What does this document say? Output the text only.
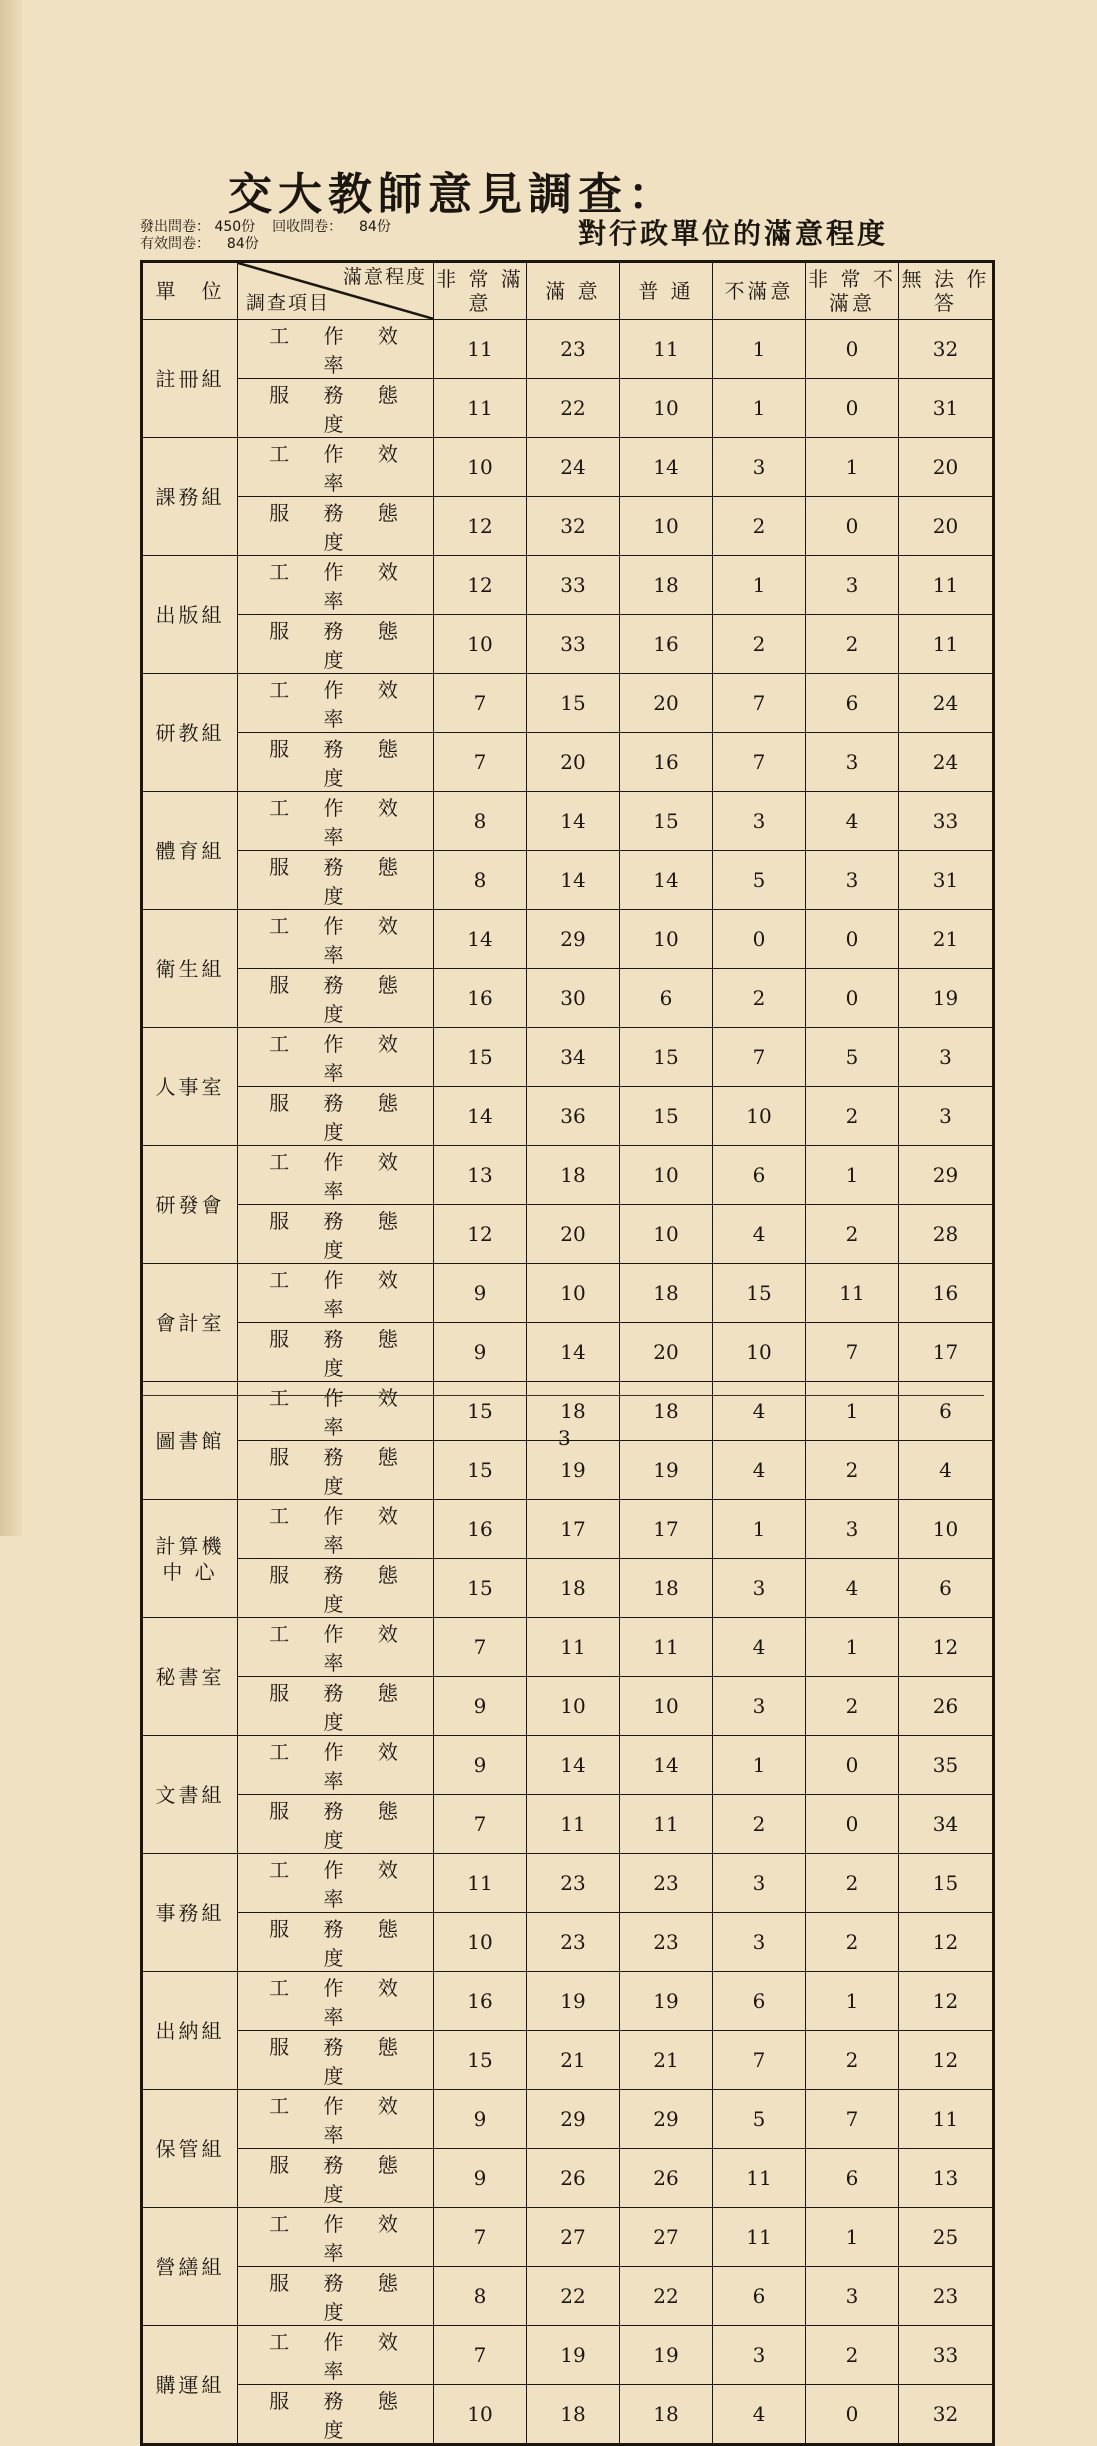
交大教師意見調查：
發出問卷： 450份 回收問卷： 84份
有效問卷： 84份	對行政單位的滿意程度
單　位	滿意程度
調查項目	非 常 滿 意	滿 意	普 通	不滿意	非 常 不滿意	無 法 作 答
註冊組	工 作 效 率	11	23	11	1	0	32
	服 務 態 度	11	22	10	1	0	31
課務組	工 作 效 率	10	24	14	3	1	20
	服 務 態 度	12	32	10	2	0	20
出版組	工 作 效 率	12	33	18	1	3	11
	服 務 態 度	10	33	16	2	2	11
研教組	工 作 效 率	7	15	20	7	6	24
	服 務 態 度	7	20	16	7	3	24
體育組	工 作 效 率	8	14	15	3	4	33
	服 務 態 度	8	14	14	5	3	31
衛生組	工 作 效 率	14	29	10	0	0	21
	服 務 態 度	16	30	6	2	0	19
人事室	工 作 效 率	15	34	15	7	5	3
	服 務 態 度	14	36	15	10	2	3
研發會	工 作 效 率	13	18	10	6	1	29
	服 務 態 度	12	20	10	4	2	28
會計室	工 作 效 率	9	10	18	15	11	16
	服 務 態 度	9	14	20	10	7	17
圖書館	工 作 效 率	15	18	18	4	1	6
	服 務 態 度	15	19	19	4	2	4
計算機 中 心	工 作 效 率	16	17	17	1	3	10
	服 務 態 度	15	18	18	3	4	6
秘書室	工 作 效 率	7	11	11	4	1	12
	服 務 態 度	9	10	10	3	2	26
文書組	工 作 效 率	9	14	14	1	0	35
	服 務 態 度	7	11	11	2	0	34
事務組	工 作 效 率	11	23	23	3	2	15
	服 務 態 度	10	23	23	3	2	12
出納組	工 作 效 率	16	19	19	6	1	12
	服 務 態 度	15	21	21	7	2	12
保管組	工 作 效 率	9	29	29	5	7	11
	服 務 態 度	9	26	26	11	6	13
營繕組	工 作 效 率	7	27	27	11	1	25
	服 務 態 度	8	22	22	6	3	23
購運組	工 作 效 率	7	19	19	3	2	33
	服 務 態 度	10	18	18	4	0	32
3
